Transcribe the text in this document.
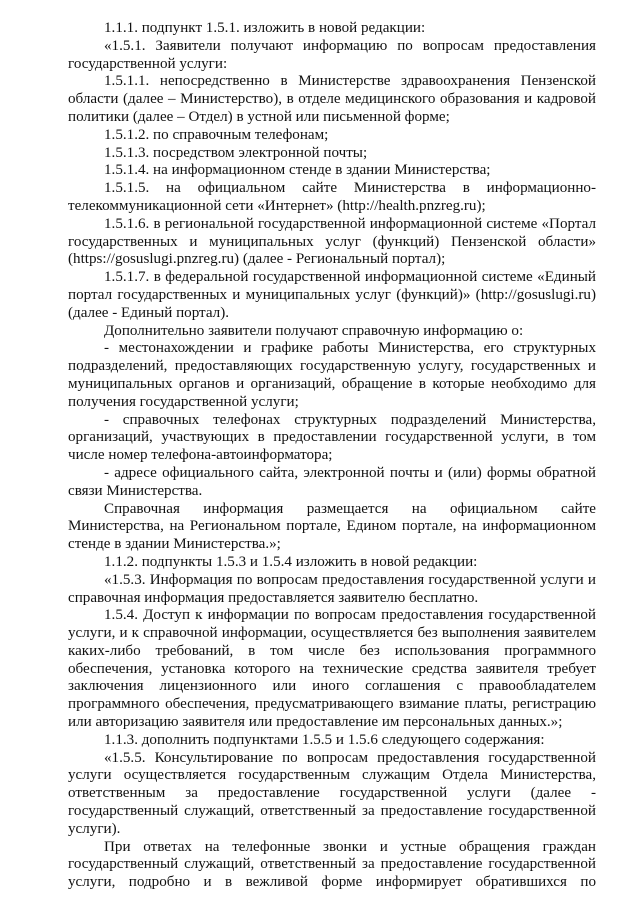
1.1.1. подпункт 1.5.1. изложить в новой редакции:

«1.5.1. Заявители получают информацию по вопросам предоставления государственной услуги:

1.5.1.1. непосредственно в Министерстве здравоохранения Пензенской области (далее – Министерство), в отделе медицинского образования и кадровой политики (далее – Отдел) в устной или письменной форме;

1.5.1.2. по справочным телефонам;

1.5.1.3. посредством электронной почты;

1.5.1.4. на информационном стенде в здании Министерства;

1.5.1.5. на официальном сайте Министерства в информационно-телекоммуникационной сети «Интернет» (http://health.pnzreg.ru);

1.5.1.6. в региональной государственной информационной системе «Портал государственных и муниципальных услуг (функций) Пензенской области» (https://gosuslugi.pnzreg.ru) (далее - Региональный портал);

1.5.1.7. в федеральной государственной информационной системе «Единый портал государственных и муниципальных услуг (функций)» (http://gosuslugi.ru) (далее - Единый портал).

Дополнительно заявители получают справочную информацию о:

- местонахождении и графике работы Министерства, его структурных подразделений, предоставляющих государственную услугу, государственных и муниципальных органов и организаций, обращение в которые необходимо для получения государственной услуги;

- справочных телефонах структурных подразделений Министерства, организаций, участвующих в предоставлении государственной услуги, в том числе номер телефона-автоинформатора;

- адресе официального сайта, электронной почты и (или) формы обратной связи Министерства.

Справочная информация размещается на официальном сайте Министерства, на Региональном портале, Едином портале, на информационном стенде в здании Министерства.»;

1.1.2. подпункты 1.5.3 и 1.5.4 изложить в новой редакции:

«1.5.3. Информация по вопросам предоставления государственной услуги и справочная информация предоставляется заявителю бесплатно.

1.5.4. Доступ к информации по вопросам предоставления государственной услуги, и к справочной информации, осуществляется без выполнения заявителем каких-либо требований, в том числе без использования программного обеспечения, установка которого на технические средства заявителя требует заключения лицензионного или иного соглашения с правообладателем программного обеспечения, предусматривающего взимание платы, регистрацию или авторизацию заявителя или предоставление им персональных данных.»;

1.1.3. дополнить подпунктами 1.5.5 и 1.5.6 следующего содержания:

«1.5.5. Консультирование по вопросам предоставления государственной услуги осуществляется государственным служащим Отдела Министерства, ответственным за предоставление государственной услуги (далее - государственный служащий, ответственный за предоставление государственной услуги).

При ответах на телефонные звонки и устные обращения граждан государственный служащий, ответственный за предоставление государственной услуги, подробно и в вежливой форме информирует обратившихся по
